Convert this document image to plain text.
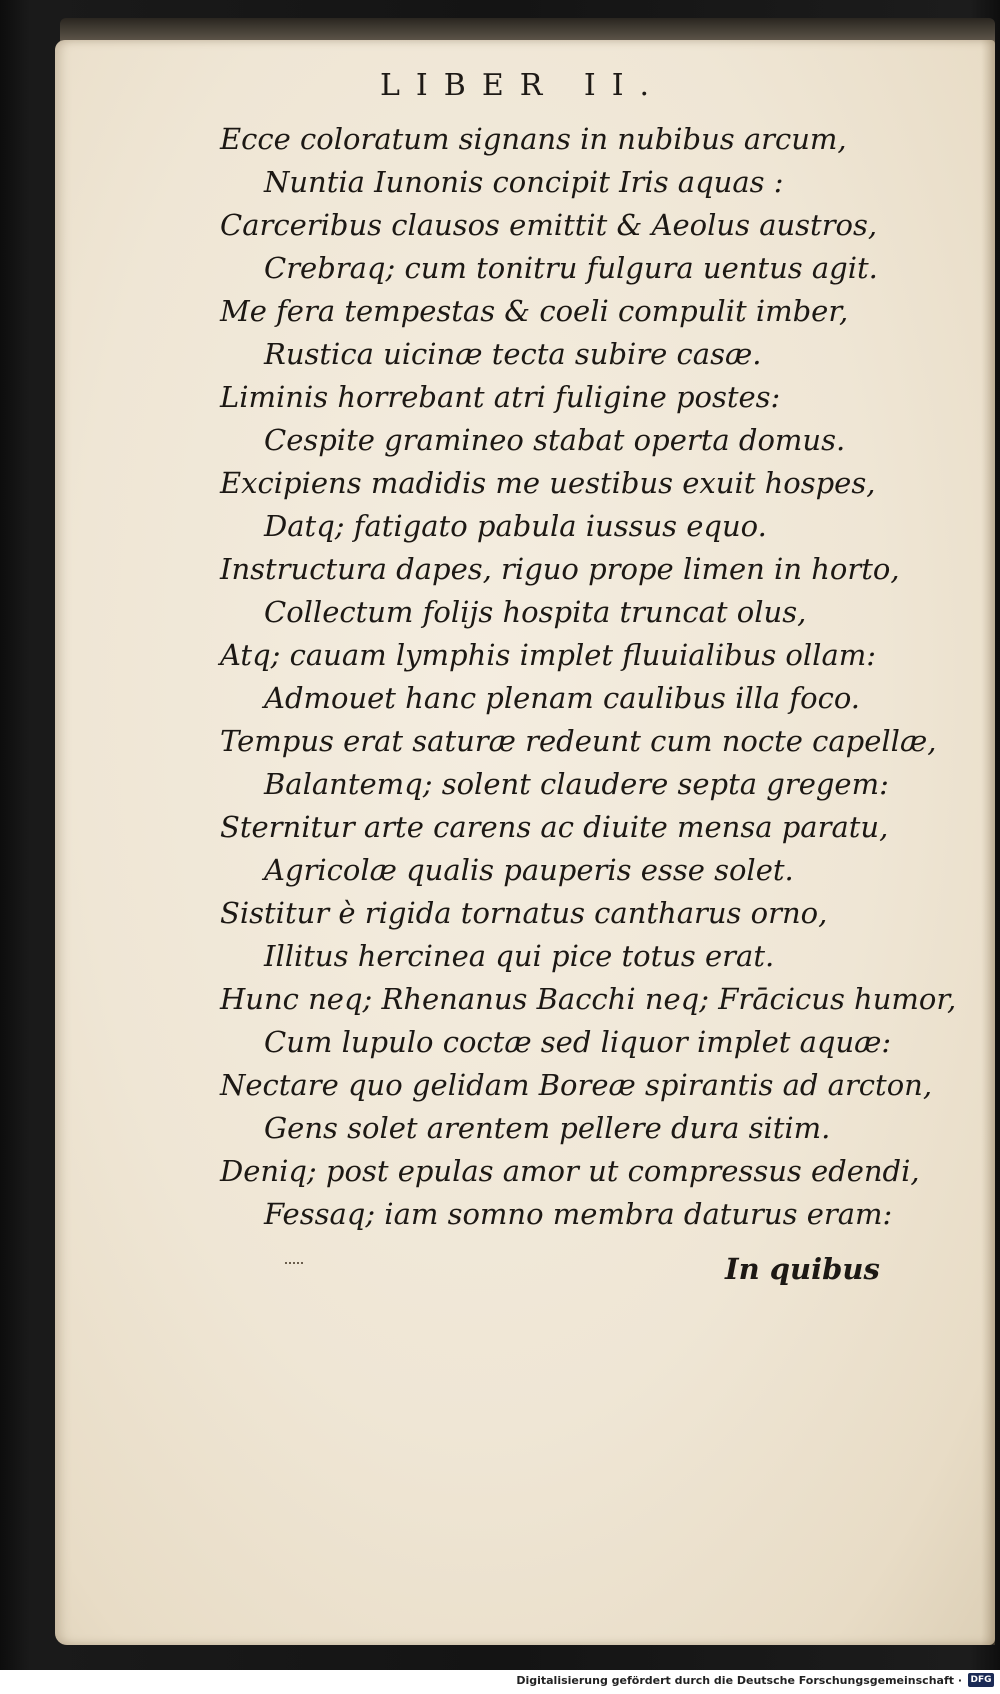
LIBER II.
Ecce coloratum signans in nubibus arcum,
Nuntia Iunonis concipit Iris aquas :
Carceribus clausos emittit & Aeolus austros,
Crebraq; cum tonitru fulgura uentus agit.
Me fera tempestas & coeli compulit imber,
Rustica uicinæ tecta subire casæ.
Liminis horrebant atri fuligine postes:
Cespite gramineo stabat operta domus.
Excipiens madidis me uestibus exuit hospes,
Datq; fatigato pabula iussus equo.
Instructura dapes, riguo prope limen in horto,
Collectum folijs hospita truncat olus,
Atq; cauam lymphis implet fluuialibus ollam:
Admouet hanc plenam caulibus illa foco.
Tempus erat saturæ redeunt cum nocte capellæ,
Balantemq; solent claudere septa gregem:
Sternitur arte carens ac diuite mensa paratu,
Agricolæ qualis pauperis esse solet.
Sistitur è rigida tornatus cantharus orno,
Illitus hercinea qui pice totus erat.
Hunc neq; Rhenanus Bacchi neq; Frācicus humor,
Cum lupulo coctæ sed liquor implet aquæ:
Nectare quo gelidam Boreæ spirantis ad arcton,
Gens solet arentem pellere dura sitim.
Deniq; post epulas amor ut compressus edendi,
Fessaq; iam somno membra daturus eram:
In quibus
Digitalisierung gefördert durch die Deutsche Forschungsgemeinschaft · DFG
